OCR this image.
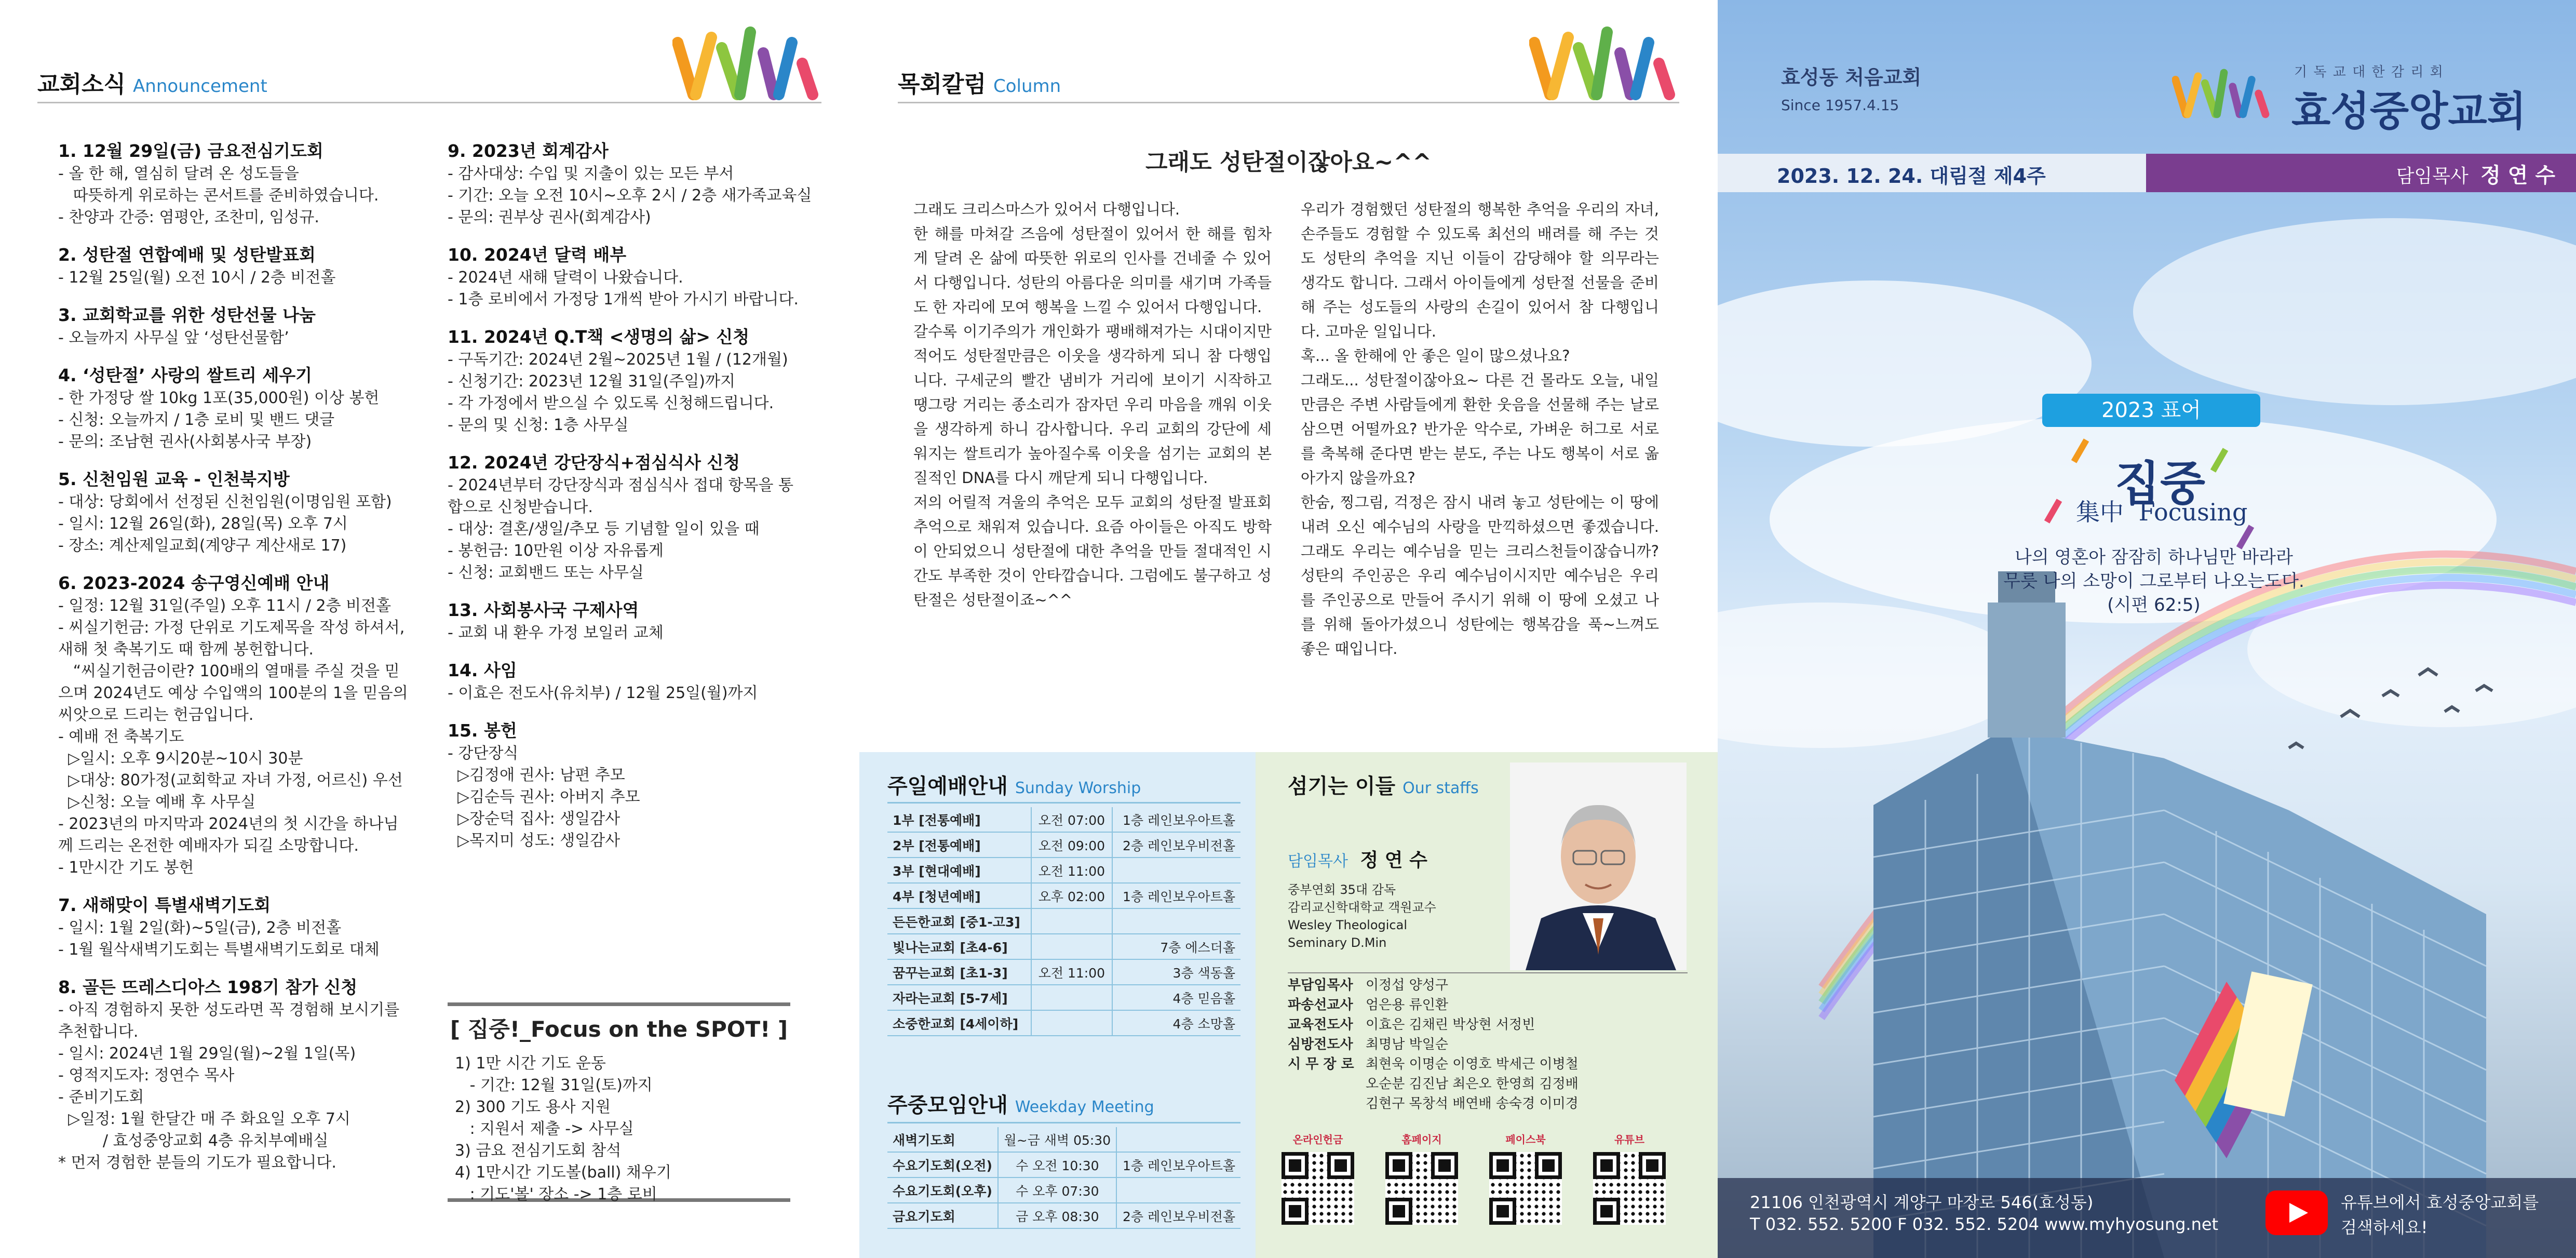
교회소식 Announcement
1. 12월 29일(금) 금요전심기도회
- 올 한 해, 열심히 달려 온 성도들을
따뜻하게 위로하는 콘서트를 준비하였습니다.
- 찬양과 간증: 염평안, 조찬미, 임성규.
2. 성탄절 연합예배 및 성탄발표회
- 12월 25일(월) 오전 10시 / 2층 비전홀
3. 교회학교를 위한 성탄선물 나눔
- 오늘까지 사무실 앞 ‘성탄선물함’
4. ‘성탄절’ 사랑의 쌀트리 세우기
- 한 가정당 쌀 10kg 1포(35,000원) 이상 봉헌
- 신청: 오늘까지 / 1층 로비 및 밴드 댓글
- 문의: 조남현 권사(사회봉사국 부장)
5. 신천임원 교육 - 인천북지방
- 대상: 당회에서 선정된 신천임원(이명임원 포함)
- 일시: 12월 26일(화), 28일(목) 오후 7시
- 장소: 계산제일교회(계양구 계산새로 17)
6. 2023-2024 송구영신예배 안내
- 일정: 12월 31일(주일) 오후 11시 / 2층 비전홀
- 씨실기헌금: 가정 단위로 기도제목을 작성 하셔서,
새해 첫 축복기도 때 함께 봉헌합니다.
“씨실기헌금이란? 100배의 열매를 주실 것을 믿
으며 2024년도 예상 수입액의 100분의 1을 믿음의
씨앗으로 드리는 헌금입니다.
- 예배 전 축복기도
▷일시: 오후 9시20분~10시 30분
▷대상: 80가정(교회학교 자녀 가정, 어르신) 우선
▷신청: 오늘 예배 후 사무실
- 2023년의 마지막과 2024년의 첫 시간을 하나님
께 드리는 온전한 예배자가 되길 소망합니다.
- 1만시간 기도 봉헌
7. 새해맞이 특별새벽기도회
- 일시: 1월 2일(화)~5일(금), 2층 비전홀
- 1월 월삭새벽기도회는 특별새벽기도회로 대체
8. 골든 뜨레스디아스 198기 참가 신청
- 아직 경험하지 못한 성도라면 꼭 경험해 보시기를
추천합니다.
- 일시: 2024년 1월 29일(월)~2월 1일(목)
- 영적지도자: 정연수 목사
- 준비기도회
▷일정: 1월 한달간 매 주 화요일 오후 7시
/ 효성중앙교회 4층 유치부예배실
* 먼저 경험한 분들의 기도가 필요합니다.
9. 2023년 회계감사
- 감사대상: 수입 및 지출이 있는 모든 부서
- 기간: 오늘 오전 10시~오후 2시 / 2층 새가족교육실
- 문의: 권부상 권사(회계감사)
10. 2024년 달력 배부
- 2024년 새해 달력이 나왔습니다.
- 1층 로비에서 가정당 1개씩 받아 가시기 바랍니다.
11. 2024년 Q.T책 <생명의 삶> 신청
- 구독기간: 2024년 2월~2025년 1월 / (12개월)
- 신청기간: 2023년 12월 31일(주일)까지
- 각 가정에서 받으실 수 있도록 신청해드립니다.
- 문의 및 신청: 1층 사무실
12. 2024년 강단장식+점심식사 신청
- 2024년부터 강단장식과 점심식사 접대 항목을 통
합으로 신청받습니다.
- 대상: 결혼/생일/추모 등 기념할 일이 있을 때
- 봉헌금: 10만원 이상 자유롭게
- 신청: 교회밴드 또는 사무실
13. 사회봉사국 구제사역
- 교회 내 환우 가정 보일러 교체
14. 사임
- 이효은 전도사(유치부) / 12월 25일(월)까지
15. 봉헌
- 강단장식
▷김정애 권사: 남편 추모
▷김순득 권사: 아버지 추모
▷장순덕 집사: 생일감사
▷목지미 성도: 생일감사
[ 집중!_Focus on the SPOT! ]
1) 1만 시간 기도 운동
- 기간: 12월 31일(토)까지
2) 300 기도 용사 지원
: 지원서 제출 -> 사무실
3) 금요 전심기도회 참석
4) 1만시간 기도볼(ball) 채우기
: 기도'볼' 장소 -> 1층 로비
목회칼럼 Column
그래도 성탄절이잖아요~^^
그래도 크리스마스가 있어서 다행입니다.
한 해를 마쳐갈 즈음에 성탄절이 있어서 한 해를 힘차게 달려 온 삶에 따뜻한 위로의 인사를 건네줄 수 있어서 다행입니다. 성탄의 아름다운 의미를 새기며 가족들도 한 자리에 모여 행복을 느낄 수 있어서 다행입니다.
갈수록 이기주의가 개인화가 팽배해져가는 시대이지만 적어도 성탄절만큼은 이웃을 생각하게 되니 참 다행입니다. 구세군의 빨간 냄비가 거리에 보이기 시작하고 땡그랑 거리는 종소리가 잠자던 우리 마음을 깨워 이웃을 생각하게 하니 감사합니다. 우리 교회의 강단에 세워지는 쌀트리가 높아질수록 이웃을 섬기는 교회의 본질적인 DNA를 다시 깨닫게 되니 다행입니다.
저의 어릴적 겨울의 추억은 모두 교회의 성탄절 발표회 추억으로 채워져 있습니다. 요즘 아이들은 아직도 방학이 안되었으니 성탄절에 대한 추억을 만들 절대적인 시간도 부족한 것이 안타깝습니다. 그럼에도 불구하고 성탄절은 성탄절이죠~^^
우리가 경험했던 성탄절의 행복한 추억을 우리의 자녀, 손주들도 경험할 수 있도록 최선의 배려를 해 주는 것도 성탄의 추억을 지닌 이들이 감당해야 할 의무라는 생각도 합니다. 그래서 아이들에게 성탄절 선물을 준비해 주는 성도들의 사랑의 손길이 있어서 참 다행입니다. 고마운 일입니다.
혹... 올 한해에 안 좋은 일이 많으셨나요?
그래도... 성탄절이잖아요~ 다른 건 몰라도 오늘, 내일 만큼은 주변 사람들에게 환한 웃음을 선물해 주는 날로 삼으면 어떨까요? 반가운 악수로, 가벼운 허그로 서로를 축복해 준다면 받는 분도, 주는 나도 행복이 서로 옮아가지 않을까요?
한숨, 찡그림, 걱정은 잠시 내려 놓고 성탄에는 이 땅에 내려 오신 예수님의 사랑을 만끽하셨으면 좋겠습니다. 그래도 우리는 예수님을 믿는 크리스천들이잖습니까? 성탄의 주인공은 우리 예수님이시지만 예수님은 우리를 주인공으로 만들어 주시기 위해 이 땅에 오셨고 나를 위해 돌아가셨으니 성탄에는 행복감을 푹~느껴도 좋은 때입니다.
주일예배안내 Sunday Worship
1부 [전통예배]	오전 07:00	1층 레인보우아트홀
2부 [전통예배]	오전 09:00	2층 레인보우비전홀
3부 [현대예배]	오전 11:00	
4부 [청년예배]	오후 02:00	1층 레인보우아트홀
든든한교회 [중1-고3]		
빛나는교회 [초4-6]		7층 에스더홀
꿈꾸는교회 [초1-3]	오전 11:00	3층 색동홀
자라는교회 [5-7세]		4층 믿음홀
소중한교회 [4세이하]		4층 소망홀
주중모임안내 Weekday Meeting
새벽기도회	월~금 새벽 05:30	
수요기도회(오전)	수 오전 10:30	1층 레인보우아트홀
수요기도회(오후)	수 오후 07:30	
금요기도회	금 오후 08:30	2층 레인보우비전홀
섬기는 이들 Our staffs
담임목사 정 연 수
중부연회 35대 감독
감리교신학대학교 객원교수
Wesley Theological
Seminary D.Min
부담임목사 이정섭 양성구
파송선교사 엄은용 류인환
교육전도사 이효은 김채린 박상현 서정빈
심방전도사 최명남 박일순
시 무 장 로 최현욱 이명순 이영호 박세근 이병철
오순분 김진남 최은오 한영희 김정배
김현구 목창석 배연배 송숙경 이미경
온라인헌금	홈페이지	페이스북	유튜브
효성동 처음교회
Since 1957.4.15
기 독 교 대 한 감 리 회
효성중앙교회
2023. 12. 24. 대림절 제4주	담임목사 정 연 수
2023 표어
집중
集中 Focusing
나의 영혼아 잠잠히 하나님만 바라라
무릇 나의 소망이 그로부터 나오는도다.
(시편 62:5)
21106 인천광역시 계양구 마장로 546(효성동)
T 032. 552. 5200 F 032. 552. 5204 www.myhyosung.net
유튜브에서 효성중앙교회를
검색하세요!
